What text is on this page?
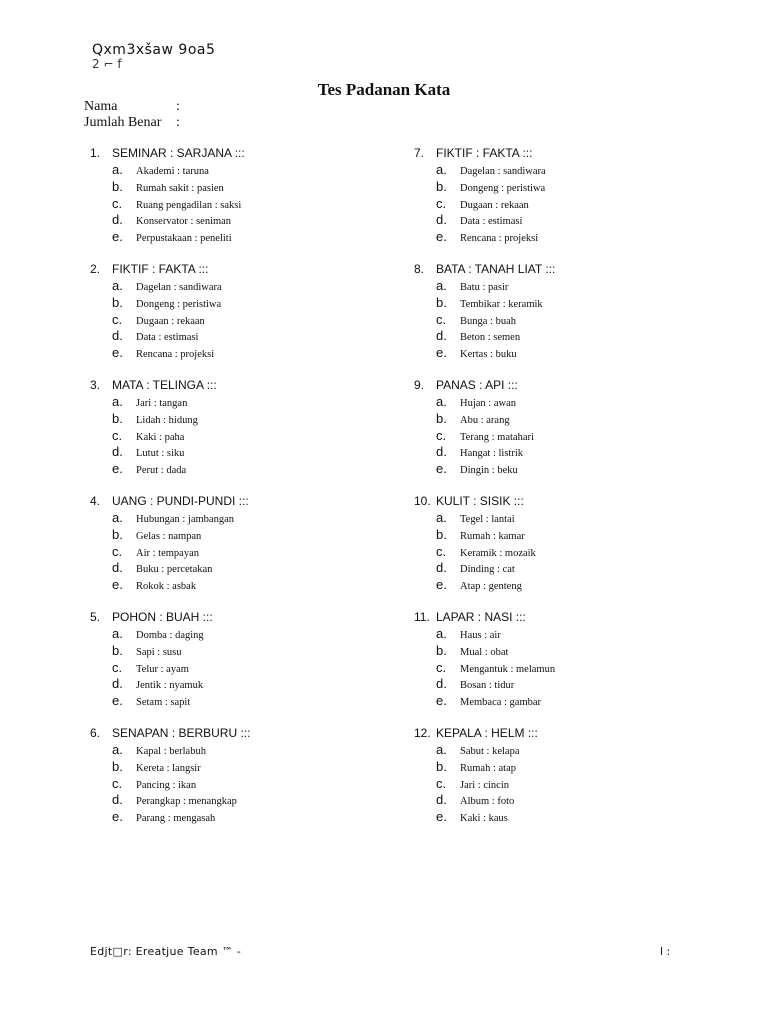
Qxm3xšaw 9oa5
2 ⌐ f
Tes Padanan Kata
Nama	:
Jumlah Benar :
1. SEMINAR : SARJANA :::
a. Akademi : taruna
b. Rumah sakit : pasien
c. Ruang pengadilan : saksi
d. Konservator : seniman
e. Perpustakaan : peneliti
2. FIKTIF : FAKTA :::
a. Dagelan : sandiwara
b. Dongeng : peristiwa
c. Dugaan : rekaan
d. Data : estimasi
e. Rencana : projeksi
3. MATA : TELINGA :::
a. Jari : tangan
b. Lidah : hidung
c. Kaki : paha
d. Lutut : siku
e. Perut : dada
4. UANG : PUNDI-PUNDI :::
a. Hubungan : jambangan
b. Gelas : nampan
c. Air : tempayan
d. Buku : percetakan
e. Rokok : asbak
5. POHON : BUAH :::
a. Domba : daging
b. Sapi : susu
c. Telur : ayam
d. Jentik : nyamuk
e. Setam : sapit
6. SENAPAN : BERBURU :::
a. Kapal : berlabuh
b. Kereta : langsir
c. Pancing : ikan
d. Perangkap : menangkap
e. Parang : mengasah
7. FIKTIF : FAKTA :::
a. Dagelan : sandiwara
b. Dongeng : peristiwa
c. Dugaan : rekaan
d. Data : estimasi
e. Rencana : projeksi
8. BATA : TANAH LIAT :::
a. Batu : pasir
b. Tembikar : keramik
c. Bunga : buah
d. Beton : semen
e. Kertas : buku
9. PANAS : API :::
a. Hujan : awan
b. Abu : arang
c. Terang : matahari
d. Hangat : listrik
e. Dingin : beku
10. KULIT : SISIK :::
a. Tegel : lantai
b. Rumah : kamar
c. Keramik : mozaik
d. Dinding : cat
e. Atap : genteng
11. LAPAR : NASI :::
a. Haus : air
b. Mual : obat
c. Mengantuk : melamun
d. Bosan : tidur
e. Membaca : gambar
12. KEPALA : HELM :::
a. Sabut : kelapa
b. Rumah : atap
c. Jari : cincin
d. Album : foto
e. Kaki : kaus
Edjt□r: Ereatjue Team ™ -	l :
